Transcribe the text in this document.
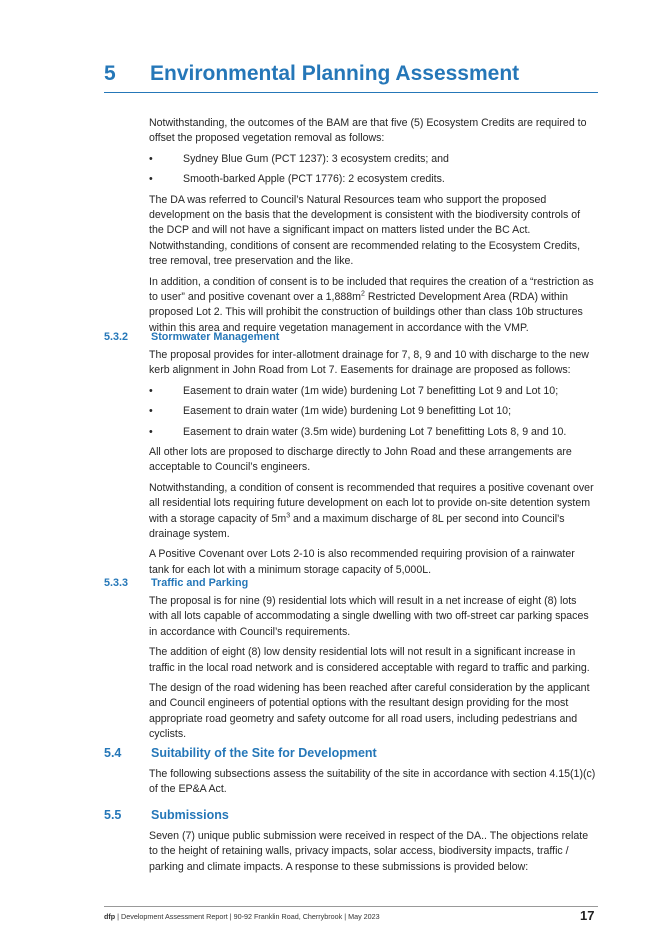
5 Environmental Planning Assessment

Notwithstanding, the outcomes of the BAM are that five (5) Ecosystem Credits are required to offset the proposed vegetation removal as follows:

• Sydney Blue Gum (PCT 1237): 3 ecosystem credits; and
• Smooth-barked Apple (PCT 1776): 2 ecosystem credits.

The DA was referred to Council’s Natural Resources team who support the proposed development on the basis that the development is consistent with the biodiversity controls of the DCP and will not have a significant impact on matters listed under the BC Act. Notwithstanding, conditions of consent are recommended relating to the Ecosystem Credits, tree removal, tree preservation and the like.

In addition, a condition of consent is to be included that requires the creation of a “restriction as to user” and positive covenant over a $1,888m^2$ Restricted Development Area (RDA) within proposed Lot 2. This will prohibit the construction of buildings other than class 10b structures within this area and require vegetation management in accordance with the VMP.

5.3.2 Stormwater Management

The proposal provides for inter-allotment drainage for 7, 8, 9 and 10 with discharge to the new kerb alignment in John Road from Lot 7. Easements for drainage are proposed as follows:

• Easement to drain water (1m wide) burdening Lot 7 benefitting Lot 9 and Lot 10;
• Easement to drain water (1m wide) burdening Lot 9 benefitting Lot 10;
• Easement to drain water (3.5m wide) burdening Lot 7 benefitting Lots 8, 9 and 10.

All other lots are proposed to discharge directly to John Road and these arrangements are acceptable to Council’s engineers.

Notwithstanding, a condition of consent is recommended that requires a positive covenant over all residential lots requiring future development on each lot to provide on-site detention system with a storage capacity of $5m^3$ and a maximum discharge of 8L per second into Council’s drainage system.

A Positive Covenant over Lots 2-10 is also recommended requiring provision of a rainwater tank for each lot with a minimum storage capacity of 5,000L.

5.3.3 Traffic and Parking

The proposal is for nine (9) residential lots which will result in a net increase of eight (8) lots with all lots capable of accommodating a single dwelling with two off-street car parking spaces in accordance with Council’s requirements.

The addition of eight (8) low density residential lots will not result in a significant increase in traffic in the local road network and is considered acceptable with regard to traffic and parking.

The design of the road widening has been reached after careful consideration by the applicant and Council engineers of potential options with the resultant design providing for the most appropriate road geometry and safety outcome for all road users, including pedestrians and cyclists.

5.4 Suitability of the Site for Development

The following subsections assess the suitability of the site in accordance with section 4.15(1)(c) of the EP&A Act.

5.5 Submissions

Seven (7) unique public submission were received in respect of the DA.. The objections relate to the height of retaining walls, privacy impacts, solar access, biodiversity impacts, traffic / parking and climate impacts. A response to these submissions is provided below:

dfp | Development Assessment Report | 90-92 Franklin Road, Cherrybrook | May 2023	17
